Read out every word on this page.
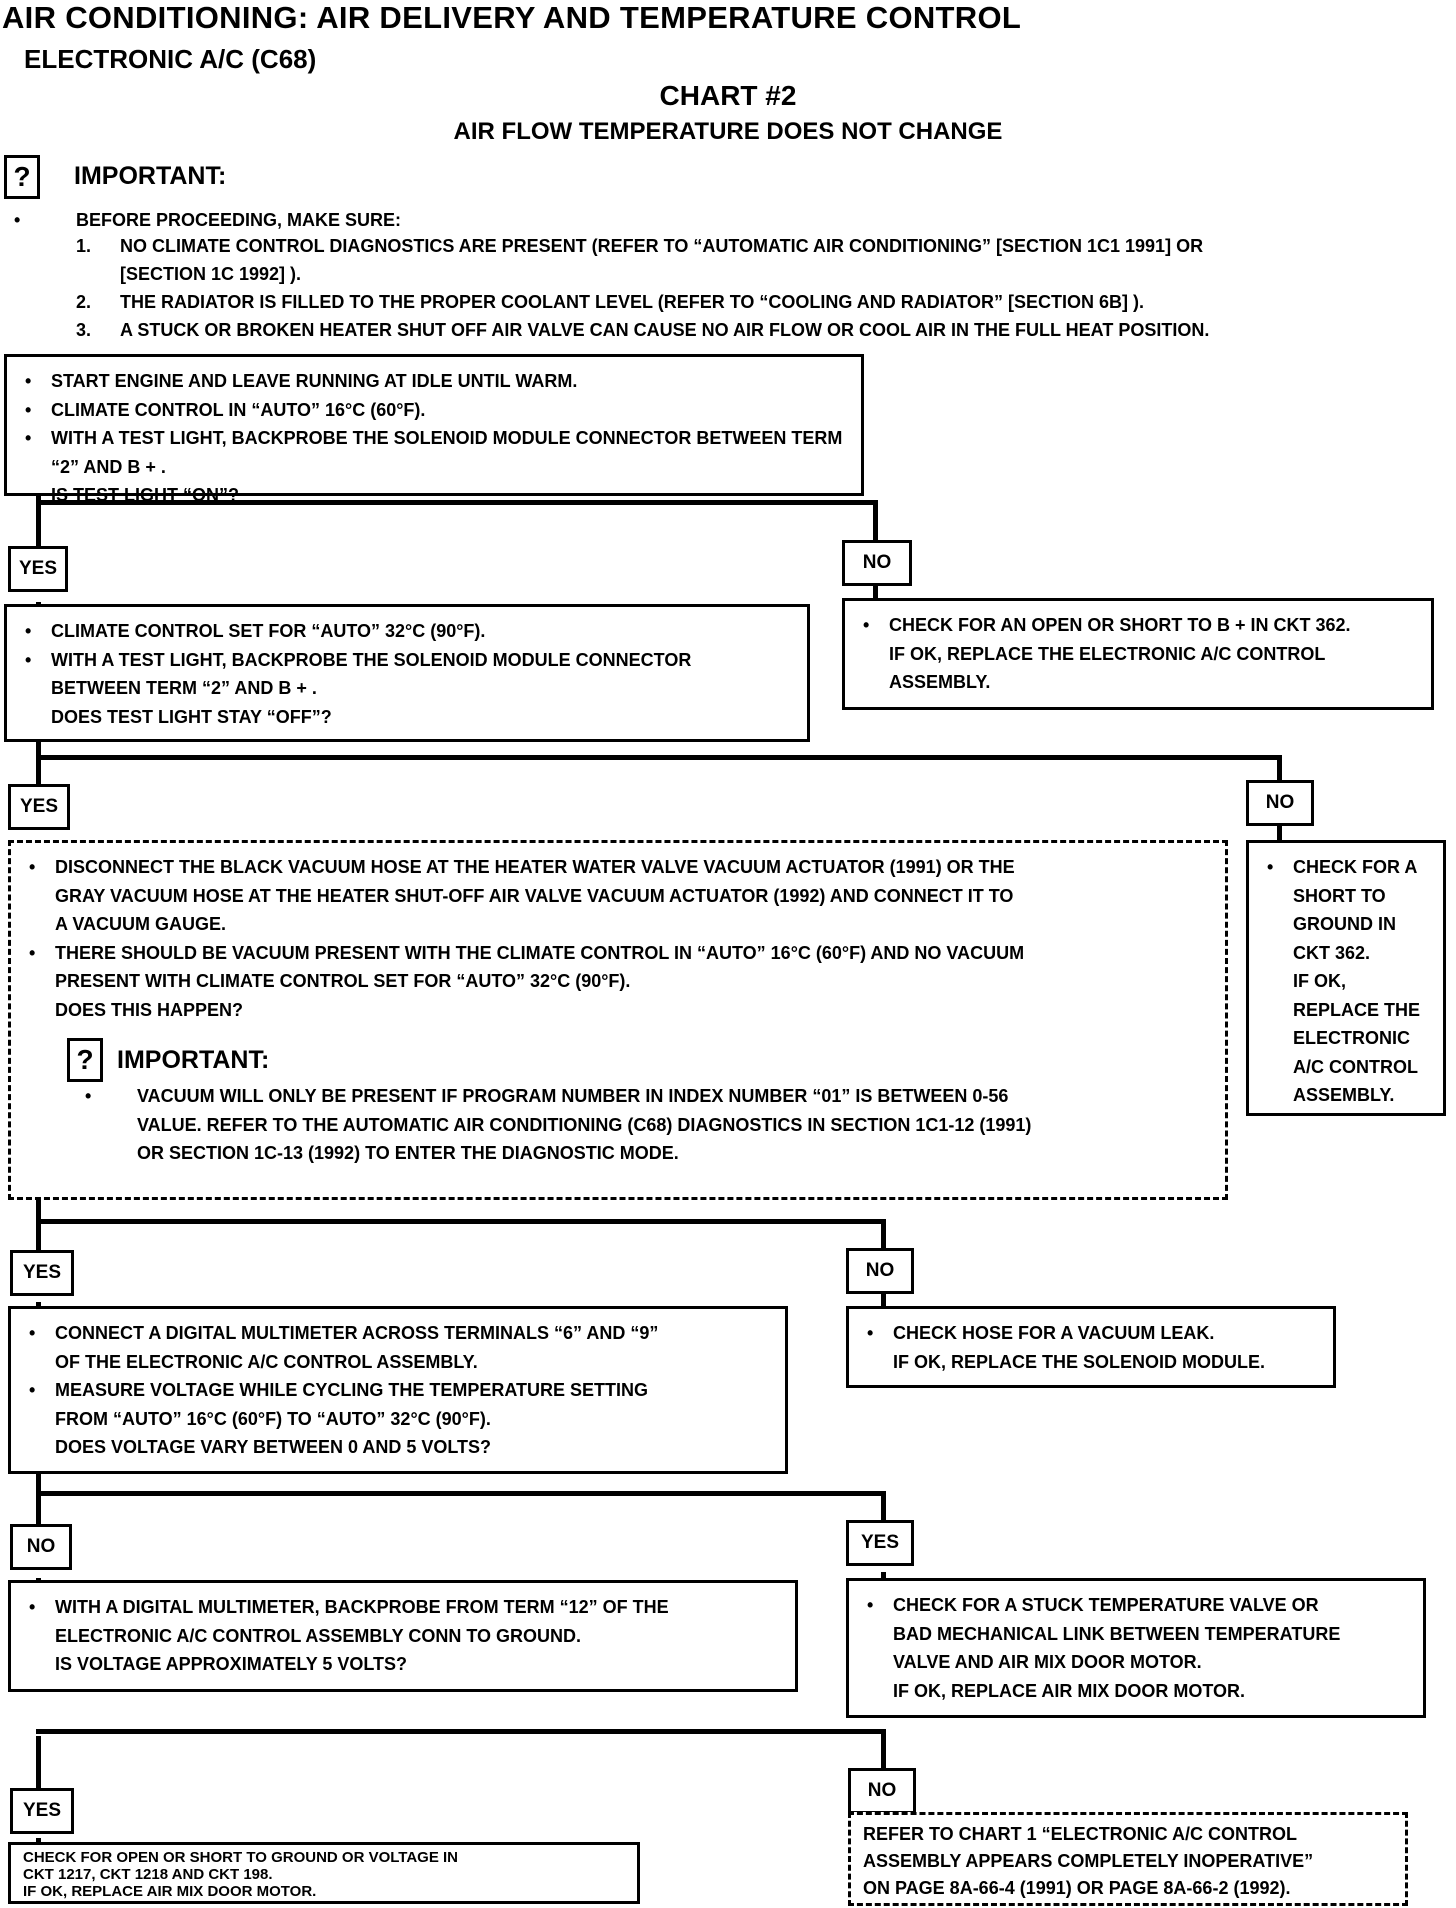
AIR CONDITIONING: AIR DELIVERY AND TEMPERATURE CONTROL
ELECTRONIC A/C (C68)
CHART #2
AIR FLOW TEMPERATURE DOES NOT CHANGE
?	IMPORTANT:
•	BEFORE PROCEEDING, MAKE SURE:
1. NO CLIMATE CONTROL DIAGNOSTICS ARE PRESENT (REFER TO “AUTOMATIC AIR CONDITIONING” [SECTION 1C1 1991] OR
[SECTION 1C 1992] ).
2. THE RADIATOR IS FILLED TO THE PROPER COOLANT LEVEL (REFER TO “COOLING AND RADIATOR” [SECTION 6B] ).
3. A STUCK OR BROKEN HEATER SHUT OFF AIR VALVE CAN CAUSE NO AIR FLOW OR COOL AIR IN THE FULL HEAT POSITION.
• START ENGINE AND LEAVE RUNNING AT IDLE UNTIL WARM.
• CLIMATE CONTROL IN “AUTO” 16°C (60°F).
• WITH A TEST LIGHT, BACKPROBE THE SOLENOID MODULE CONNECTOR BETWEEN TERM “2” AND B + .
IS TEST LIGHT “ON”?
YES	NO
• CLIMATE CONTROL SET FOR “AUTO” 32°C (90°F).
• WITH A TEST LIGHT, BACKPROBE THE SOLENOID MODULE CONNECTOR
BETWEEN TERM “2” AND B + .
DOES TEST LIGHT STAY “OFF”?
• CHECK FOR AN OPEN OR SHORT TO B + IN CKT 362.
IF OK, REPLACE THE ELECTRONIC A/C CONTROL
ASSEMBLY.
YES	NO
• DISCONNECT THE BLACK VACUUM HOSE AT THE HEATER WATER VALVE VACUUM ACTUATOR (1991) OR THE
GRAY VACUUM HOSE AT THE HEATER SHUT-OFF AIR VALVE VACUUM ACTUATOR (1992) AND CONNECT IT TO
A VACUUM GAUGE.
• THERE SHOULD BE VACUUM PRESENT WITH THE CLIMATE CONTROL IN “AUTO” 16°C (60°F) AND NO VACUUM
PRESENT WITH CLIMATE CONTROL SET FOR “AUTO” 32°C (90°F).
DOES THIS HAPPEN?
? IMPORTANT:
•	VACUUM WILL ONLY BE PRESENT IF PROGRAM NUMBER IN INDEX NUMBER “01” IS BETWEEN 0-56
VALUE. REFER TO THE AUTOMATIC AIR CONDITIONING (C68) DIAGNOSTICS IN SECTION 1C1-12 (1991)
OR SECTION 1C-13 (1992) TO ENTER THE DIAGNOSTIC MODE.
• CHECK FOR A
SHORT TO
GROUND IN
CKT 362.
IF OK,
REPLACE THE
ELECTRONIC
A/C CONTROL
ASSEMBLY.
YES	NO
• CONNECT A DIGITAL MULTIMETER ACROSS TERMINALS “6” AND “9”
OF THE ELECTRONIC A/C CONTROL ASSEMBLY.
• MEASURE VOLTAGE WHILE CYCLING THE TEMPERATURE SETTING
FROM “AUTO” 16°C (60°F) TO “AUTO” 32°C (90°F).
DOES VOLTAGE VARY BETWEEN 0 AND 5 VOLTS?
• CHECK HOSE FOR A VACUUM LEAK.
IF OK, REPLACE THE SOLENOID MODULE.
NO	YES
• WITH A DIGITAL MULTIMETER, BACKPROBE FROM TERM “12” OF THE
ELECTRONIC A/C CONTROL ASSEMBLY CONN TO GROUND.
IS VOLTAGE APPROXIMATELY 5 VOLTS?
• CHECK FOR A STUCK TEMPERATURE VALVE OR
BAD MECHANICAL LINK BETWEEN TEMPERATURE
VALVE AND AIR MIX DOOR MOTOR.
IF OK, REPLACE AIR MIX DOOR MOTOR.
YES
NO
CHECK FOR OPEN OR SHORT TO GROUND OR VOLTAGE IN
CKT 1217, CKT 1218 AND CKT 198.
IF OK, REPLACE AIR MIX DOOR MOTOR.
REFER TO CHART 1 “ELECTRONIC A/C CONTROL
ASSEMBLY APPEARS COMPLETELY INOPERATIVE”
ON PAGE 8A-66-4 (1991) OR PAGE 8A-66-2 (1992).
